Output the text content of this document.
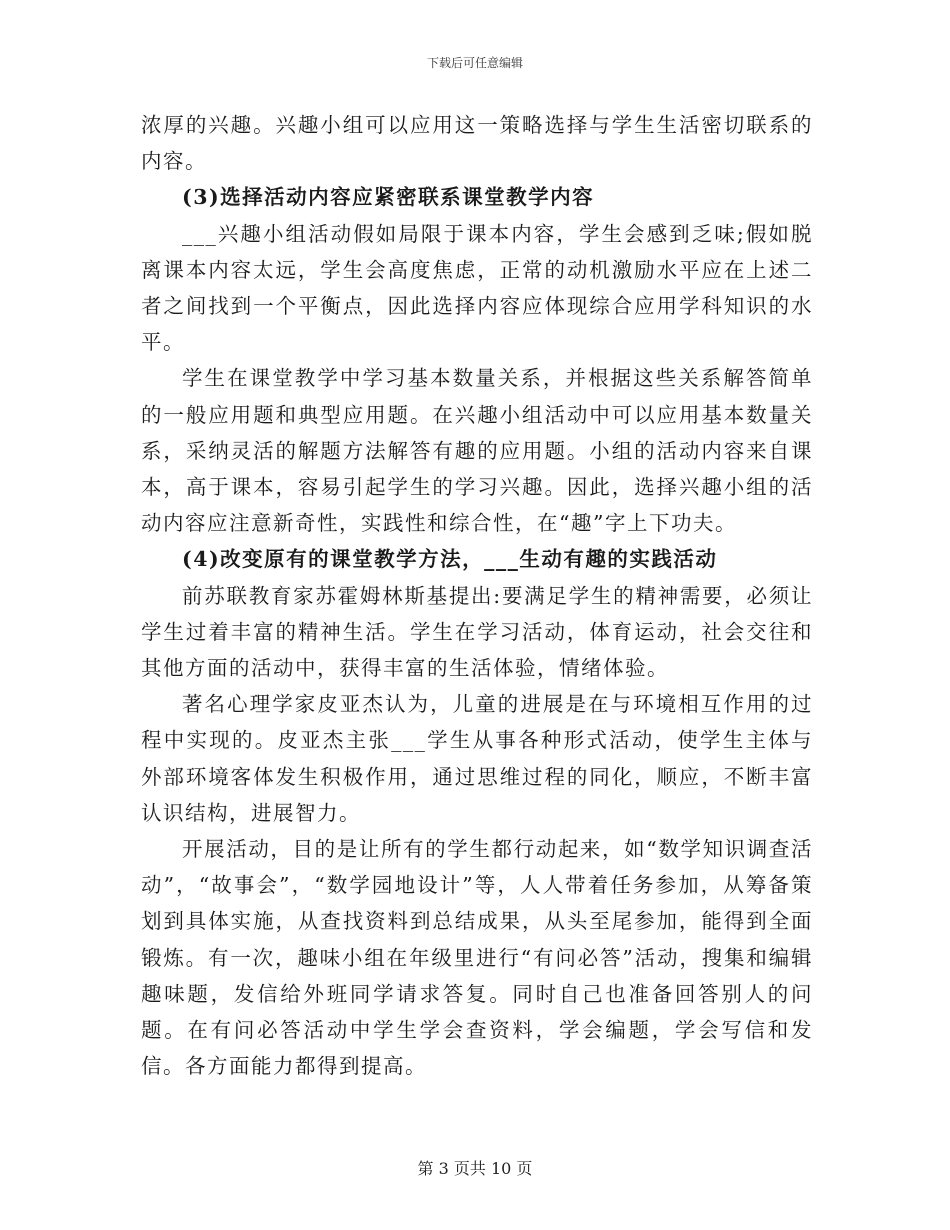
下载后可任意编辑

浓厚的兴趣。兴趣小组可以应用这一策略选择与学生生活密切联系的内容。

(3)选择活动内容应紧密联系课堂教学内容

___兴趣小组活动假如局限于课本内容，学生会感到乏味;假如脱离课本内容太远，学生会高度焦虑，正常的动机激励水平应在上述二者之间找到一个平衡点，因此选择内容应体现综合应用学科知识的水平。

学生在课堂教学中学习基本数量关系，并根据这些关系解答简单的一般应用题和典型应用题。在兴趣小组活动中可以应用基本数量关系，采纳灵活的解题方法解答有趣的应用题。小组的活动内容来自课本，高于课本，容易引起学生的学习兴趣。因此，选择兴趣小组的活动内容应注意新奇性，实践性和综合性，在“趣”字上下功夫。

(4)改变原有的课堂教学方法，___生动有趣的实践活动

前苏联教育家苏霍姆林斯基提出:要满足学生的精神需要，必须让学生过着丰富的精神生活。学生在学习活动，体育运动，社会交往和其他方面的活动中，获得丰富的生活体验，情绪体验。

著名心理学家皮亚杰认为，儿童的进展是在与环境相互作用的过程中实现的。皮亚杰主张___学生从事各种形式活动，使学生主体与外部环境客体发生积极作用，通过思维过程的同化，顺应，不断丰富认识结构，进展智力。

开展活动，目的是让所有的学生都行动起来，如“数学知识调查活动”，“故事会”，“数学园地设计”等，人人带着任务参加，从筹备策划到具体实施，从查找资料到总结成果，从头至尾参加，能得到全面锻炼。有一次，趣味小组在年级里进行“有问必答”活动，搜集和编辑趣味题，发信给外班同学请求答复。同时自己也准备回答别人的问题。在有问必答活动中学生学会查资料，学会编题，学会写信和发信。各方面能力都得到提高。

第 3 页共 10 页
